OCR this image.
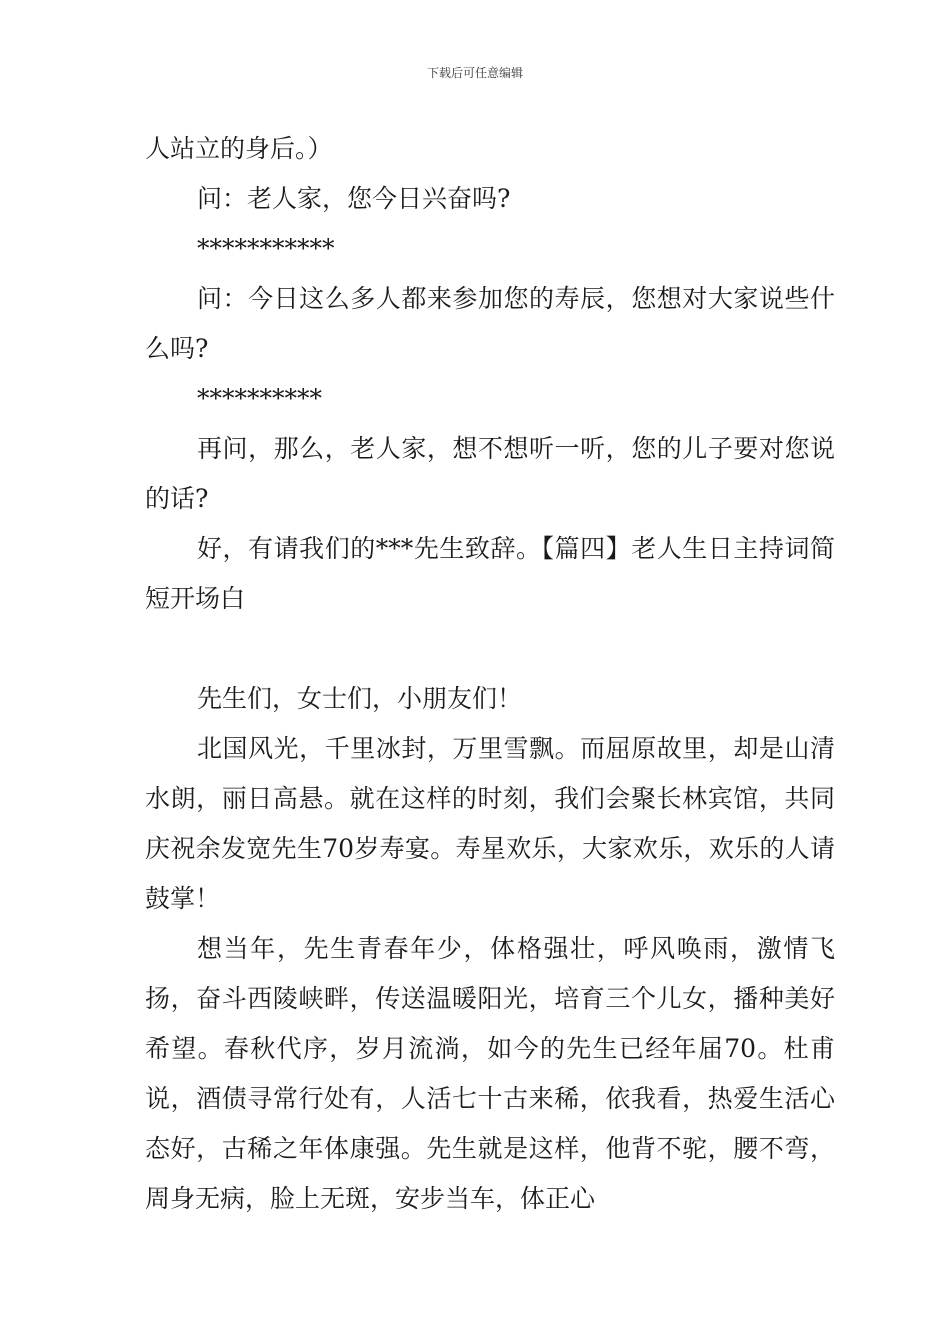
下载后可任意编辑

人站立的身后。）

问：老人家，您今日兴奋吗?

***********

问：今日这么多人都来参加您的寿辰，您想对大家说些什么吗?

**********

再问，那么，老人家，想不想听一听，您的儿子要对您说的话?

好，有请我们的***先生致辞。【篇四】老人生日主持词简短开场白

先生们，女士们，小朋友们！

北国风光，千里冰封，万里雪飘。而屈原故里，却是山清水朗，丽日高悬。就在这样的时刻，我们会聚长林宾馆，共同庆祝余发宽先生70岁寿宴。寿星欢乐，大家欢乐，欢乐的人请鼓掌！

想当年，先生青春年少，体格强壮，呼风唤雨，激情飞扬，奋斗西陵峡畔，传送温暖阳光，培育三个儿女，播种美好希望。春秋代序，岁月流淌，如今的先生已经年届70。杜甫说，酒债寻常行处有，人活七十古来稀，依我看，热爱生活心态好，古稀之年体康强。先生就是这样，他背不驼，腰不弯，周身无病，脸上无斑，安步当车，体正心
